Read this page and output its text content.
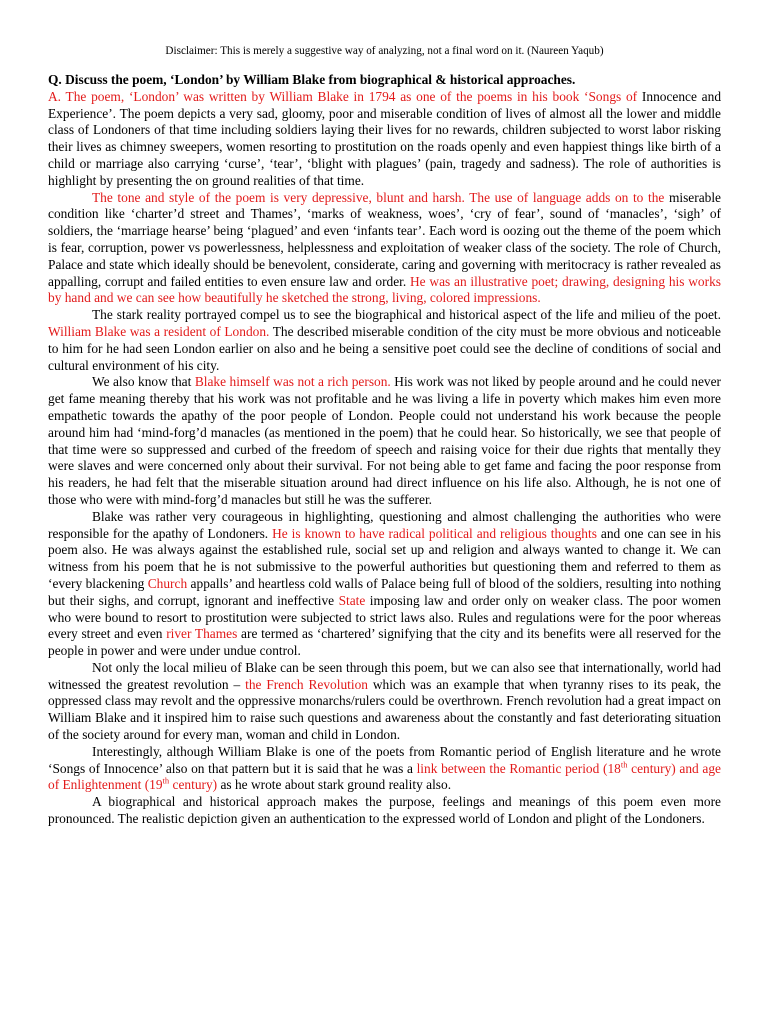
Disclaimer: This is merely a suggestive way of analyzing, not a final word on it. (Naureen Yaqub)

Q. Discuss the poem, ‘London’ by William Blake from biographical & historical approaches.

A. The poem, ‘London’ was written by William Blake in 1794 as one of the poems in his book ‘Songs of Innocence and Experience’. The poem depicts a very sad, gloomy, poor and miserable condition of lives of almost all the lower and middle class of Londoners of that time including soldiers laying their lives for no rewards, children subjected to worst labor risking their lives as chimney sweepers, women resorting to prostitution on the roads openly and even happiest things like birth of a child or marriage also carrying ‘curse’, ‘tear’, ‘blight with plagues’ (pain, tragedy and sadness). The role of authorities is highlight by presenting the on ground realities of that time.

The tone and style of the poem is very depressive, blunt and harsh. The use of language adds on to the miserable condition like ‘charter’d street and Thames’, ‘marks of weakness, woes’, ‘cry of fear’, sound of ‘manacles’, ‘sigh’ of soldiers, the ‘marriage hearse’ being ‘plagued’ and even ‘infants tear’. Each word is oozing out the theme of the poem which is fear, corruption, power vs powerlessness, helplessness and exploitation of weaker class of the society. The role of Church, Palace and state which ideally should be benevolent, considerate, caring and governing with meritocracy is rather revealed as appalling, corrupt and failed entities to even ensure law and order. He was an illustrative poet; drawing, designing his works by hand and we can see how beautifully he sketched the strong, living, colored impressions.

The stark reality portrayed compel us to see the biographical and historical aspect of the life and milieu of the poet. William Blake was a resident of London. The described miserable condition of the city must be more obvious and noticeable to him for he had seen London earlier on also and he being a sensitive poet could see the decline of conditions of social and cultural environment of his city.

We also know that Blake himself was not a rich person. His work was not liked by people around and he could never get fame meaning thereby that his work was not profitable and he was living a life in poverty which makes him even more empathetic towards the apathy of the poor people of London. People could not understand his work because the people around him had ‘mind-forg’d manacles (as mentioned in the poem) that he could hear. So historically, we see that people of that time were so suppressed and curbed of the freedom of speech and raising voice for their due rights that mentally they were slaves and were concerned only about their survival. For not being able to get fame and facing the poor response from his readers, he had felt that the miserable situation around had direct influence on his life also. Although, he is not one of those who were with mind-forg’d manacles but still he was the sufferer.

Blake was rather very courageous in highlighting, questioning and almost challenging the authorities who were responsible for the apathy of Londoners. He is known to have radical political and religious thoughts and one can see in his poem also. He was always against the established rule, social set up and religion and always wanted to change it. We can witness from his poem that he is not submissive to the powerful authorities but questioning them and referred to them as ‘every blackening Church appalls’ and heartless cold walls of Palace being full of blood of the soldiers, resulting into nothing but their sighs, and corrupt, ignorant and ineffective State imposing law and order only on weaker class. The poor women who were bound to resort to prostitution were subjected to strict laws also. Rules and regulations were for the poor whereas every street and even river Thames are termed as ‘chartered’ signifying that the city and its benefits were all reserved for the people in power and were under undue control.

Not only the local milieu of Blake can be seen through this poem, but we can also see that internationally, world had witnessed the greatest revolution – the French Revolution which was an example that when tyranny rises to its peak, the oppressed class may revolt and the oppressive monarchs/rulers could be overthrown. French revolution had a great impact on William Blake and it inspired him to raise such questions and awareness about the constantly and fast deteriorating situation of the society around for every man, woman and child in London.

Interestingly, although William Blake is one of the poets from Romantic period of English literature and he wrote ‘Songs of Innocence’ also on that pattern but it is said that he was a link between the Romantic period (18th century) and age of Enlightenment (19th century) as he wrote about stark ground reality also.

A biographical and historical approach makes the purpose, feelings and meanings of this poem even more pronounced. The realistic depiction given an authentication to the expressed world of London and plight of the Londoners.
